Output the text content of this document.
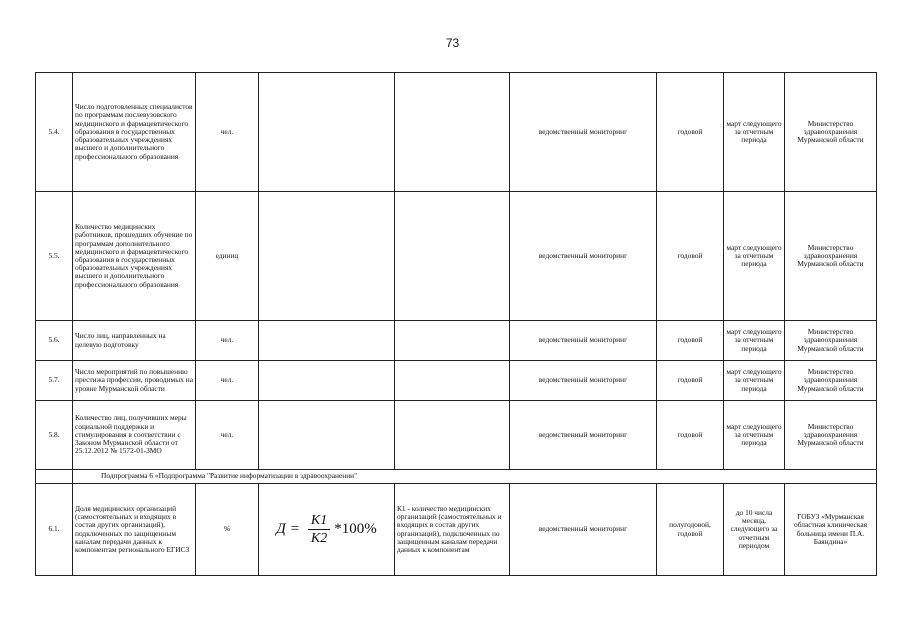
73
5.4.	Число подготовленных специалистов по программам послевузовского медицинского и фармацевтического образования в государственных образовательных учреждениях высшего и дополнительного профессионального образования	чел.			ведомственный мониторинг	годовой	март следующего за отчетным периода	Министерство здравоохранения Мурманской области
5.5.	Количество медицинских работников, прошедших обучение по программам дополнительного медицинского и фармацевтического образования в государственных образовательных учреждениях высшего и дополнительного профессионального образования	единиц			ведомственный мониторинг	годовой	март следующего за отчетным периода	Министерство здравоохранения Мурманской области
5.6.	Число лиц, направленных на целевую подготовку	чел.			ведомственный мониторинг	годовой	март следующего за отчетным периода	Министерство здравоохранения Мурманской области
5.7.	Число мероприятий по повышению престижа профессии, проводимых на уровне Мурманской области	чел.			ведомственный мониторинг	годовой	март следующего за отчетным периода	Министерство здравоохранения Мурманской области
5.8.	Количество лиц, получивших меры социальной поддержки и стимулирования в соответствии с Законом Мурманской области от 25.12.2012 № 1572-01-ЗМО	чел.			ведомственный мониторинг	годовой	март следующего за отчетным периода	Министерство здравоохранения Мурманской области
	Подпрограмма 6 «Подпрограмма "Развитие информатизации в здравоохранении"							
6.1.	Доля медицинских организаций (самостоятельных и входящих в состав других организаций), подключенных по защищенным каналам передачи данных к компонентам регионального ЕГИСЗ	%	$Д = \frac{K1}{K2} *100\%$	К1 - количество медицинских организаций (самостоятельных и входящих в состав других организаций), подключенных по защищенным каналам передачи данных к компонентам	ведомственный мониторинг	полугодовой, годовой	до 10 числа месяца, следующего за отчетным периодом	ГОБУЗ «Мурманская областная клиническая больница имени П.А. Баяндина»
